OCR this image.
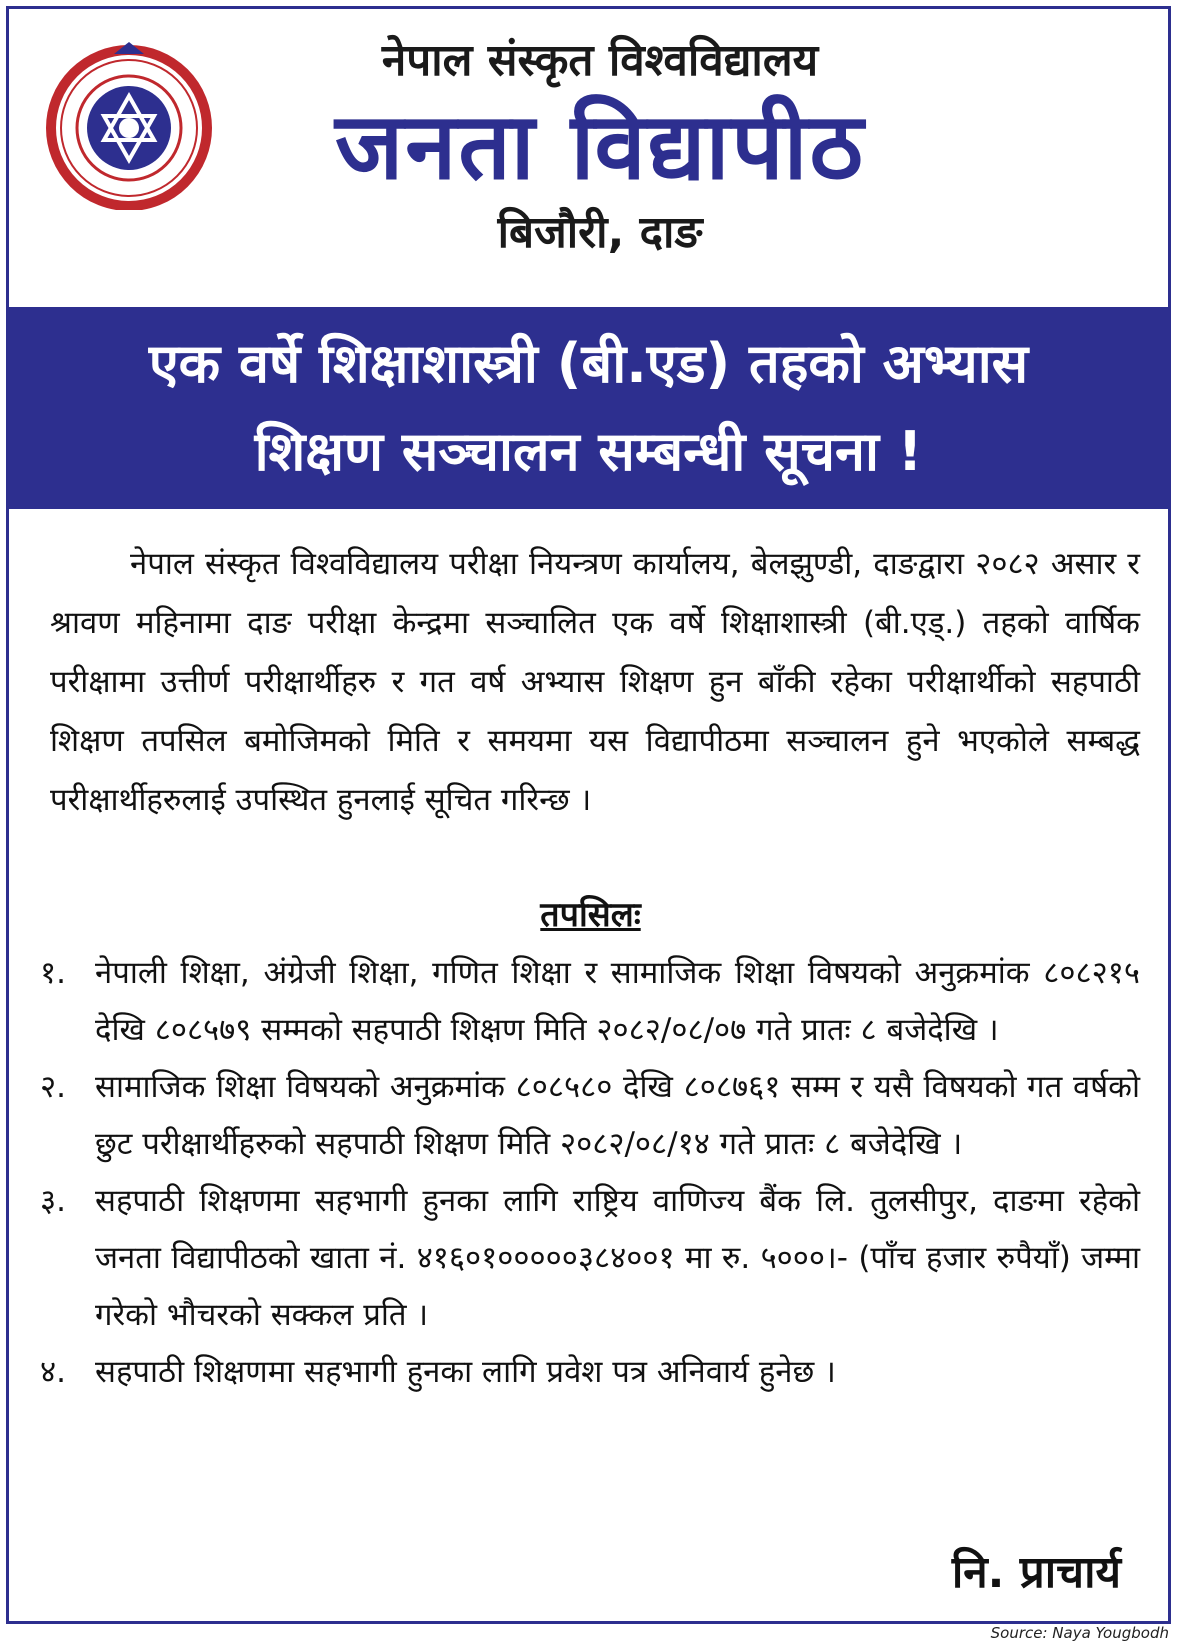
नेपाल संस्कृत विश्वविद्यालय
जनता विद्यापीठ
बिजौरी, दाङ
एक वर्षे शिक्षाशास्त्री (बी.एड) तहको अभ्यास
शिक्षण सञ्चालन सम्बन्धी सूचना !
नेपाल संस्कृत विश्वविद्यालय परीक्षा नियन्त्रण कार्यालय, बेलझुण्डी, दाङद्वारा २०८२ असार र श्रावण महिनामा दाङ परीक्षा केन्द्रमा सञ्चालित एक वर्षे शिक्षाशास्त्री (बी.एड्.) तहको वार्षिक परीक्षामा उत्तीर्ण परीक्षार्थीहरु र गत वर्ष अभ्यास शिक्षण हुन बाँकी रहेका परीक्षार्थीको सहपाठी शिक्षण तपसिल बमोजिमको मिति र समयमा यस विद्यापीठमा सञ्चालन हुने भएकोले सम्बद्ध परीक्षार्थीहरुलाई उपस्थित हुनलाई सूचित गरिन्छ ।
तपसिलः
१. नेपाली शिक्षा, अंग्रेजी शिक्षा, गणित शिक्षा र सामाजिक शिक्षा विषयको अनुक्रमांक ८०८२१५ देखि ८०८५७९ सम्मको सहपाठी शिक्षण मिति २०८२/०८/०७ गते प्रातः ८ बजेदेखि ।
२. सामाजिक शिक्षा विषयको अनुक्रमांक ८०८५८० देखि ८०८७६१ सम्म र यसै विषयको गत वर्षको छुट परीक्षार्थीहरुको सहपाठी शिक्षण मिति २०८२/०८/१४ गते प्रातः ८ बजेदेखि ।
३. सहपाठी शिक्षणमा सहभागी हुनका लागि राष्ट्रिय वाणिज्य बैंक लि. तुलसीपुर, दाङमा रहेको जनता विद्यापीठको खाता नं. ४१६०१०००००३८४००१ मा रु. ५०००।- (पाँच हजार रुपैयाँ) जम्मा गरेको भौचरको सक्कल प्रति ।
४. सहपाठी शिक्षणमा सहभागी हुनका लागि प्रवेश पत्र अनिवार्य हुनेछ ।
नि. प्राचार्य
Source: Naya Yougbodh
